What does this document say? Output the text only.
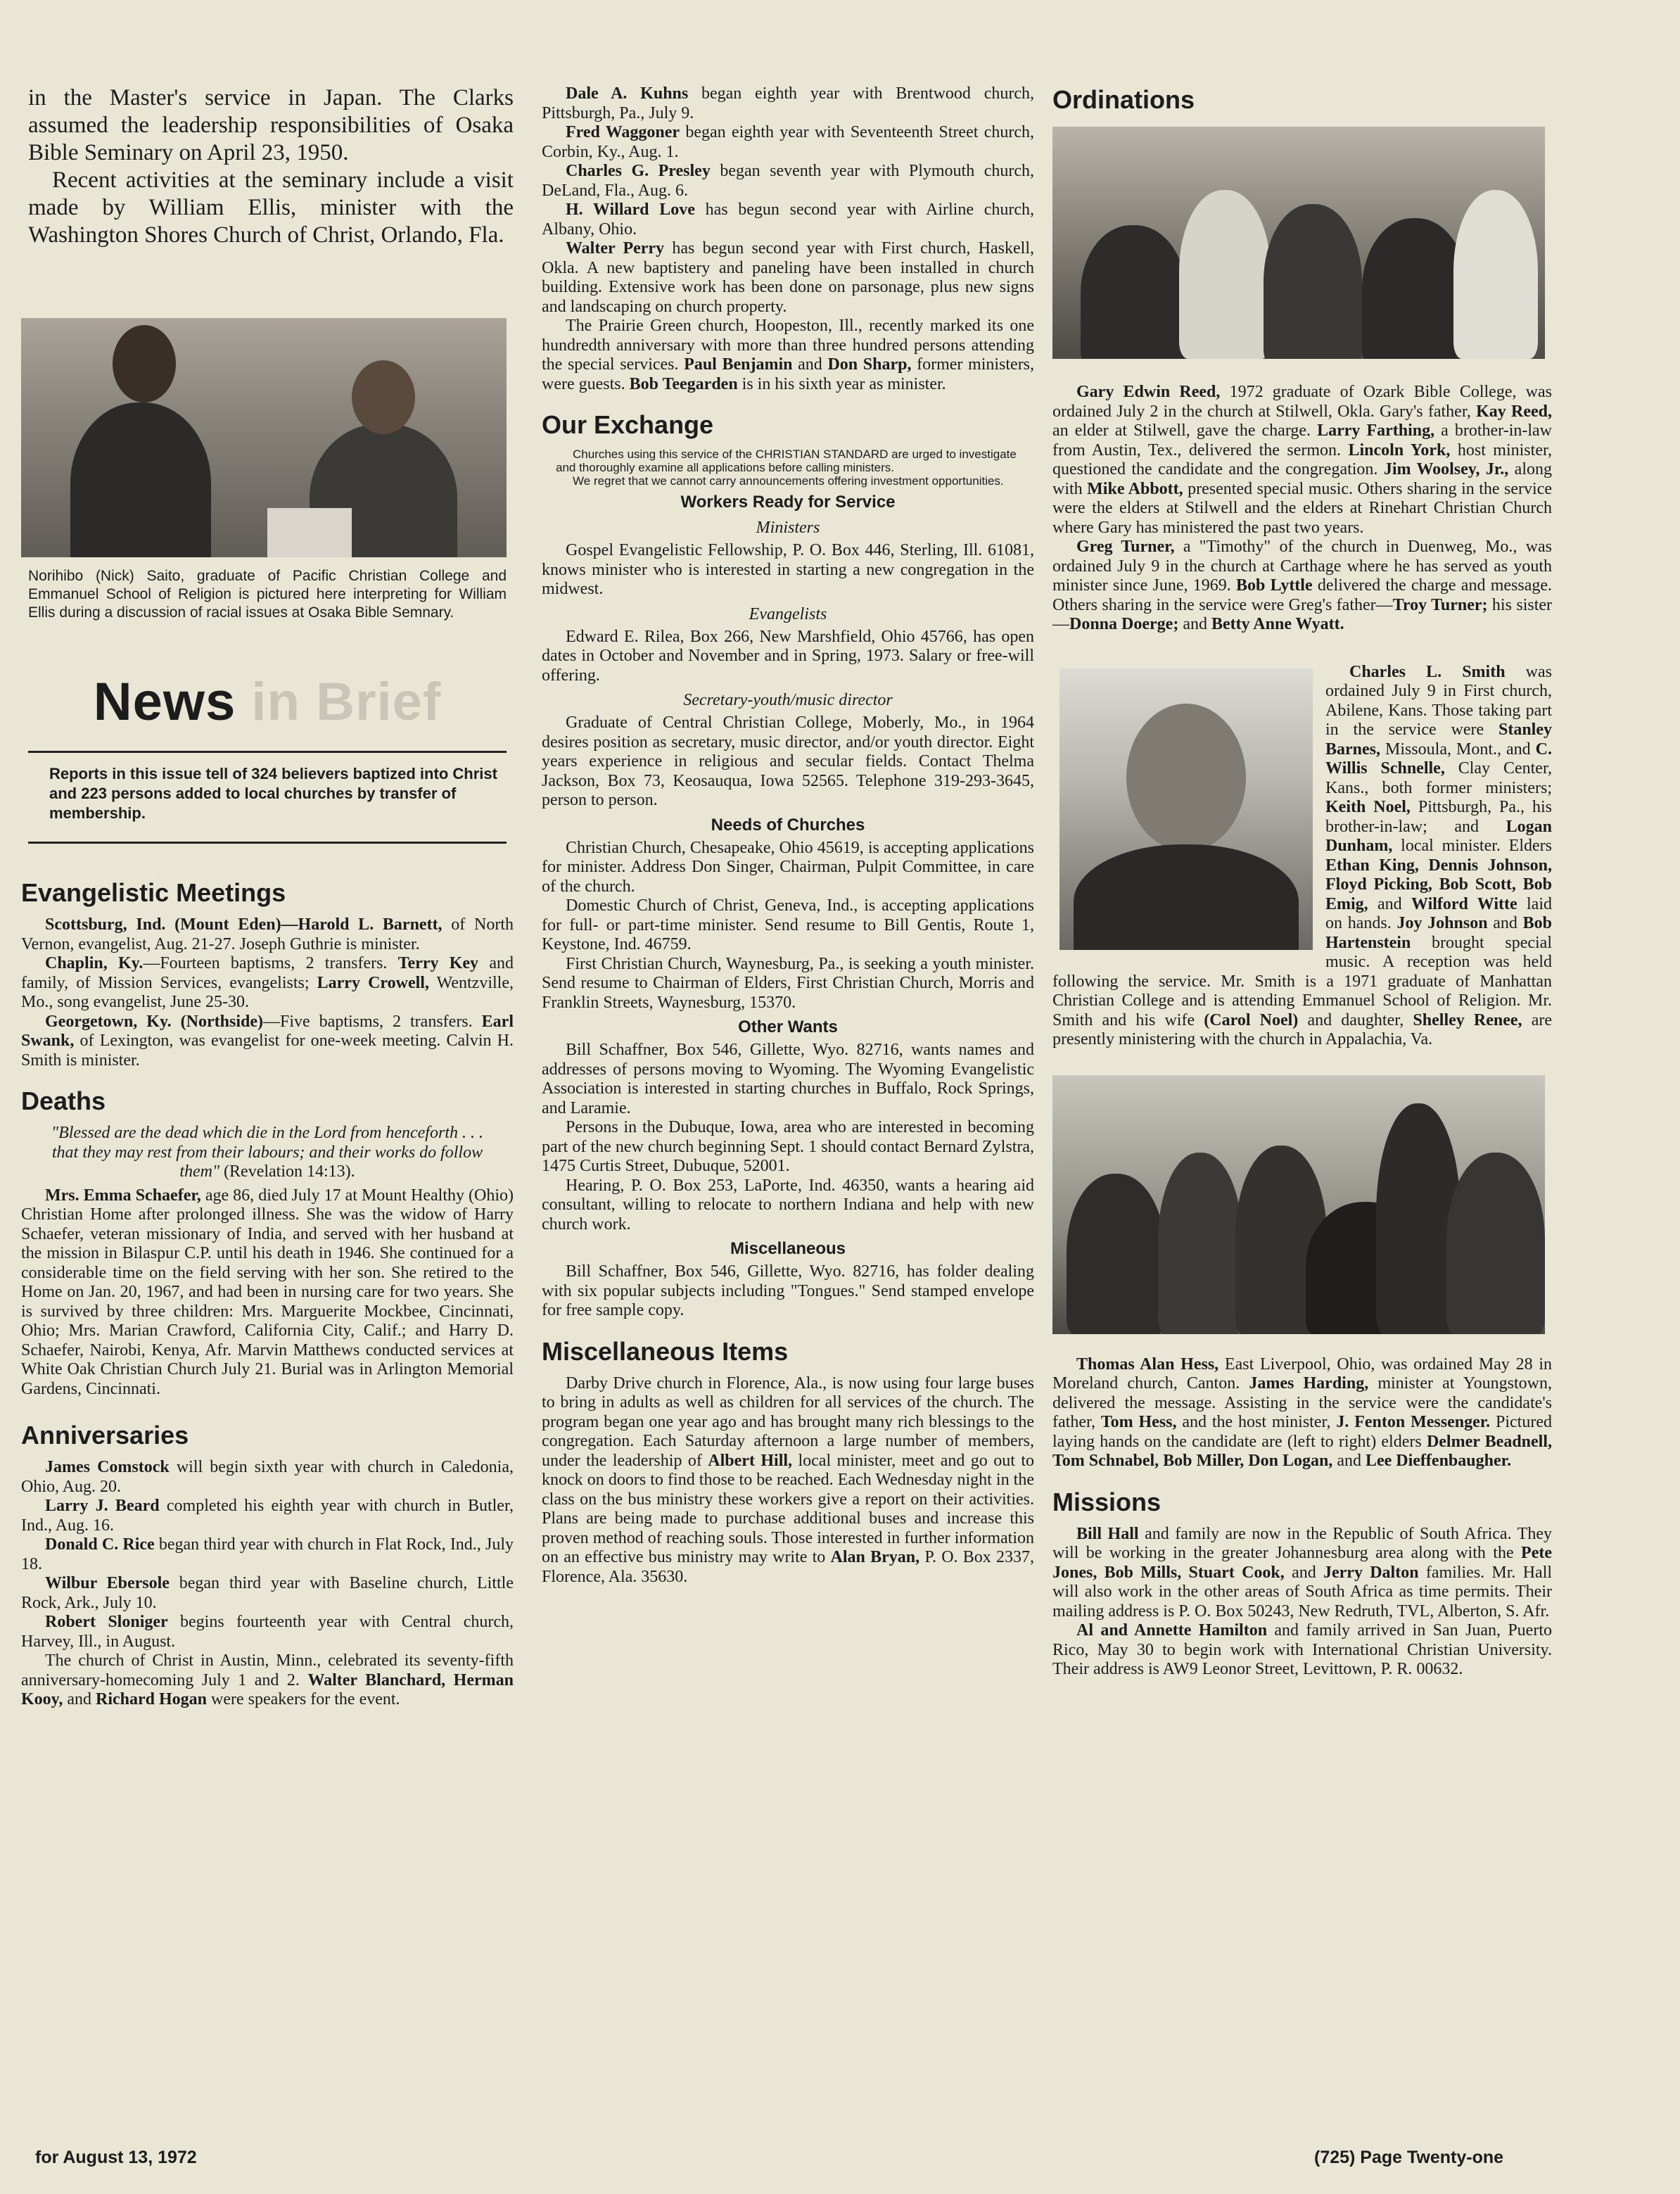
in the Master's service in Japan. The Clarks assumed the leadership responsibilities of Osaka Bible Seminary on April 23, 1950.

Recent activities at the seminary include a visit made by William Ellis, minister with the Washington Shores Church of Christ, Orlando, Fla.

Norihibo (Nick) Saito, graduate of Pacific Christian College and Emmanuel School of Religion is pictured here interpreting for William Ellis during a discussion of racial issues at Osaka Bible Semnary.
News in Brief
Reports in this issue tell of 324 believers baptized into Christ and 223 persons added to local churches by transfer of membership.
Evangelistic Meetings

Scottsburg, Ind. (Mount Eden)—Harold L. Barnett, of North Vernon, evangelist, Aug. 21-27. Joseph Guthrie is minister.

Chaplin, Ky.—Fourteen baptisms, 2 transfers. Terry Key and family, of Mission Services, evangelists; Larry Crowell, Wentzville, Mo., song evangelist, June 25-30.

Georgetown, Ky. (Northside)—Five baptisms, 2 transfers. Earl Swank, of Lexington, was evangelist for one-week meeting. Calvin H. Smith is minister.

Deaths
"Blessed are the dead which die in the Lord from henceforth . . . that they may rest from their labours; and their works do follow them" (Revelation 14:13).

Mrs. Emma Schaefer, age 86, died July 17 at Mount Healthy (Ohio) Christian Home after prolonged illness. She was the widow of Harry Schaefer, veteran missionary of India, and served with her husband at the mission in Bilaspur C.P. until his death in 1946. She continued for a considerable time on the field serving with her son. She retired to the Home on Jan. 20, 1967, and had been in nursing care for two years. She is survived by three children: Mrs. Marguerite Mockbee, Cincinnati, Ohio; Mrs. Marian Crawford, California City, Calif.; and Harry D. Schaefer, Nairobi, Kenya, Afr. Marvin Matthews conducted services at White Oak Christian Church July 21. Burial was in Arlington Memorial Gardens, Cincinnati.

Anniversaries

James Comstock will begin sixth year with church in Caledonia, Ohio, Aug. 20.

Larry J. Beard completed his eighth year with church in Butler, Ind., Aug. 16.

Donald C. Rice began third year with church in Flat Rock, Ind., July 18.

Wilbur Ebersole began third year with Baseline church, Little Rock, Ark., July 10.

Robert Sloniger begins fourteenth year with Central church, Harvey, Ill., in August.

The church of Christ in Austin, Minn., celebrated its seventy-fifth anniversary-homecoming July 1 and 2. Walter Blanchard, Herman Kooy, and Richard Hogan were speakers for the event.

Dale A. Kuhns began eighth year with Brentwood church, Pittsburgh, Pa., July 9.

Fred Waggoner began eighth year with Seventeenth Street church, Corbin, Ky., Aug. 1.

Charles G. Presley began seventh year with Plymouth church, DeLand, Fla., Aug. 6.

H. Willard Love has begun second year with Airline church, Albany, Ohio.

Walter Perry has begun second year with First church, Haskell, Okla. A new baptistery and paneling have been installed in church building. Extensive work has been done on parsonage, plus new signs and landscaping on church property.

The Prairie Green church, Hoopeston, Ill., recently marked its one hundredth anniversary with more than three hundred persons attending the special services. Paul Benjamin and Don Sharp, former ministers, were guests. Bob Teegarden is in his sixth year as minister.

Our Exchange
Churches using this service of the CHRISTIAN STANDARD are urged to investigate and thoroughly examine all applications before calling ministers.
We regret that we cannot carry announcements offering investment opportunities.
Workers Ready for Service
Ministers

Gospel Evangelistic Fellowship, P. O. Box 446, Sterling, Ill. 61081, knows minister who is interested in starting a new congregation in the midwest.

Evangelists

Edward E. Rilea, Box 266, New Marshfield, Ohio 45766, has open dates in October and November and in Spring, 1973. Salary or free-will offering.

Secretary-youth/music director

Graduate of Central Christian College, Moberly, Mo., in 1964 desires position as secretary, music director, and/or youth director. Eight years experience in religious and secular fields. Contact Thelma Jackson, Box 73, Keosauqua, Iowa 52565. Telephone 319-293-3645, person to person.

Needs of Churches

Christian Church, Chesapeake, Ohio 45619, is accepting applications for minister. Address Don Singer, Chairman, Pulpit Committee, in care of the church.

Domestic Church of Christ, Geneva, Ind., is accepting applications for full- or part-time minister. Send resume to Bill Gentis, Route 1, Keystone, Ind. 46759.

First Christian Church, Waynesburg, Pa., is seeking a youth minister. Send resume to Chairman of Elders, First Christian Church, Morris and Franklin Streets, Waynesburg, 15370.

Other Wants

Bill Schaffner, Box 546, Gillette, Wyo. 82716, wants names and addresses of persons moving to Wyoming. The Wyoming Evangelistic Association is interested in starting churches in Buffalo, Rock Springs, and Laramie.

Persons in the Dubuque, Iowa, area who are interested in becoming part of the new church beginning Sept. 1 should contact Bernard Zylstra, 1475 Curtis Street, Dubuque, 52001.

Hearing, P. O. Box 253, LaPorte, Ind. 46350, wants a hearing aid consultant, willing to relocate to northern Indiana and help with new church work.

Miscellaneous

Bill Schaffner, Box 546, Gillette, Wyo. 82716, has folder dealing with six popular subjects including "Tongues." Send stamped envelope for free sample copy.

Miscellaneous Items

Darby Drive church in Florence, Ala., is now using four large buses to bring in adults as well as children for all services of the church. The program began one year ago and has brought many rich blessings to the congregation. Each Saturday afternoon a large number of members, under the leadership of Albert Hill, local minister, meet and go out to knock on doors to find those to be reached. Each Wednesday night in the class on the bus ministry these workers give a report on their activities. Plans are being made to purchase additional buses and increase this proven method of reaching souls. Those interested in further information on an effective bus ministry may write to Alan Bryan, P. O. Box 2337, Florence, Ala. 35630.

Ordinations

Gary Edwin Reed, 1972 graduate of Ozark Bible College, was ordained July 2 in the church at Stilwell, Okla. Gary's father, Kay Reed, an elder at Stilwell, gave the charge. Larry Farthing, a brother-in-law from Austin, Tex., delivered the sermon. Lincoln York, host minister, questioned the candidate and the congregation. Jim Woolsey, Jr., along with Mike Abbott, presented special music. Others sharing in the service were the elders at Stilwell and the elders at Rinehart Christian Church where Gary has ministered the past two years.

Greg Turner, a "Timothy" of the church in Duenweg, Mo., was ordained July 9 in the church at Carthage where he has served as youth minister since June, 1969. Bob Lyttle delivered the charge and message. Others sharing in the service were Greg's father—Troy Turner; his sister—Donna Doerge; and Betty Anne Wyatt.

Charles L. Smith was ordained July 9 in First church, Abilene, Kans. Those taking part in the service were Stanley Barnes, Missoula, Mont., and C. Willis Schnelle, Clay Center, Kans., both former ministers; Keith Noel, Pittsburgh, Pa., his brother-in-law; and Logan Dunham, local minister. Elders Ethan King, Dennis Johnson, Floyd Picking, Bob Scott, Bob Emig, and Wilford Witte laid on hands. Joy Johnson and Bob Hartenstein brought special music. A reception was held following the service. Mr. Smith is a 1971 graduate of Manhattan Christian College and is attending Emmanuel School of Religion. Mr. Smith and his wife (Carol Noel) and daughter, Shelley Renee, are presently ministering with the church in Appalachia, Va.

Thomas Alan Hess, East Liverpool, Ohio, was ordained May 28 in Moreland church, Canton. James Harding, minister at Youngstown, delivered the message. Assisting in the service were the candidate's father, Tom Hess, and the host minister, J. Fenton Messenger. Pictured laying hands on the candidate are (left to right) elders Delmer Beadnell, Tom Schnabel, Bob Miller, Don Logan, and Lee Dieffenbaugher.

Missions

Bill Hall and family are now in the Republic of South Africa. They will be working in the greater Johannesburg area along with the Pete Jones, Bob Mills, Stuart Cook, and Jerry Dalton families. Mr. Hall will also work in the other areas of South Africa as time permits. Their mailing address is P. O. Box 50243, New Redruth, TVL, Alberton, S. Afr.

Al and Annette Hamilton and family arrived in San Juan, Puerto Rico, May 30 to begin work with International Christian University. Their address is AW9 Leonor Street, Levittown, P. R. 00632.

for August 13, 1972	(725) Page Twenty-one
